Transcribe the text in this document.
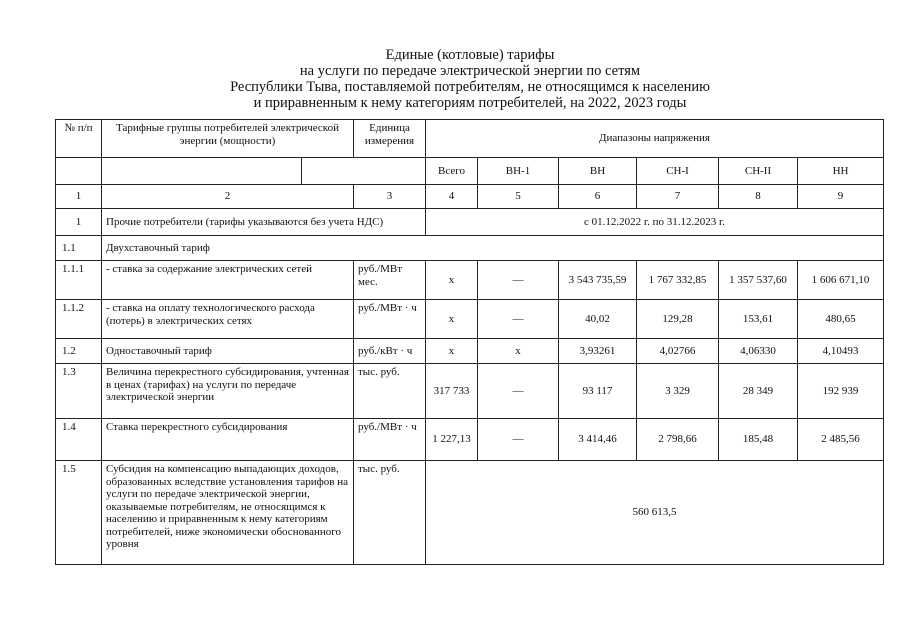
Единые (котловые) тарифы
на услуги по передаче электрической энергии по сетям
Республики Тыва, поставляемой потребителям, не относящимся к населению
и приравненным к нему категориям потребителей, на 2022, 2023 годы
№ п/п	Тарифные группы потребителей электрической энергии (мощности)		Единица измерения	Диапазоны напряжения					
				Всего	ВН-1	ВН	СН-I	СН-II	НН
1	2		3	4	5	6	7	8	9
1	Прочие потребители (тарифы указываются без учета НДС)			с 01.12.2022 г. по 31.12.2023 г.					
1.1	Двухставочный тариф								
1.1.1	- ставка за содержание электрических сетей		руб./МВт мес.	х	—	3 543 735,59	1 767 332,85	1 357 537,60	1 606 671,10
1.1.2	- ставка на оплату технологического расхода (потерь) в электрических сетях		руб./МВт · ч	х	—	40,02	129,28	153,61	480,65
1.2	Одноставочный тариф		руб./кВт · ч	х	х	3,93261	4,02766	4,06330	4,10493
1.3	Величина перекрестного субсидирования, учтенная в ценах (тарифах) на услуги по передаче электрической энергии		тыс. руб.	317 733	—	93 117	3 329	28 349	192 939
1.4	Ставка перекрестного субсидирования		руб./МВт · ч	1 227,13	—	3 414,46	2 798,66	185,48	2 485,56
1.5	Субсидия на компенсацию выпадающих доходов, образованных вследствие установления тарифов на услуги по передаче электрической энергии, оказываемые потребителям, не относящимся к населению и приравненным к нему категориям потребителей, ниже экономически обоснованного уровня		тыс. руб.	560 613,5					
